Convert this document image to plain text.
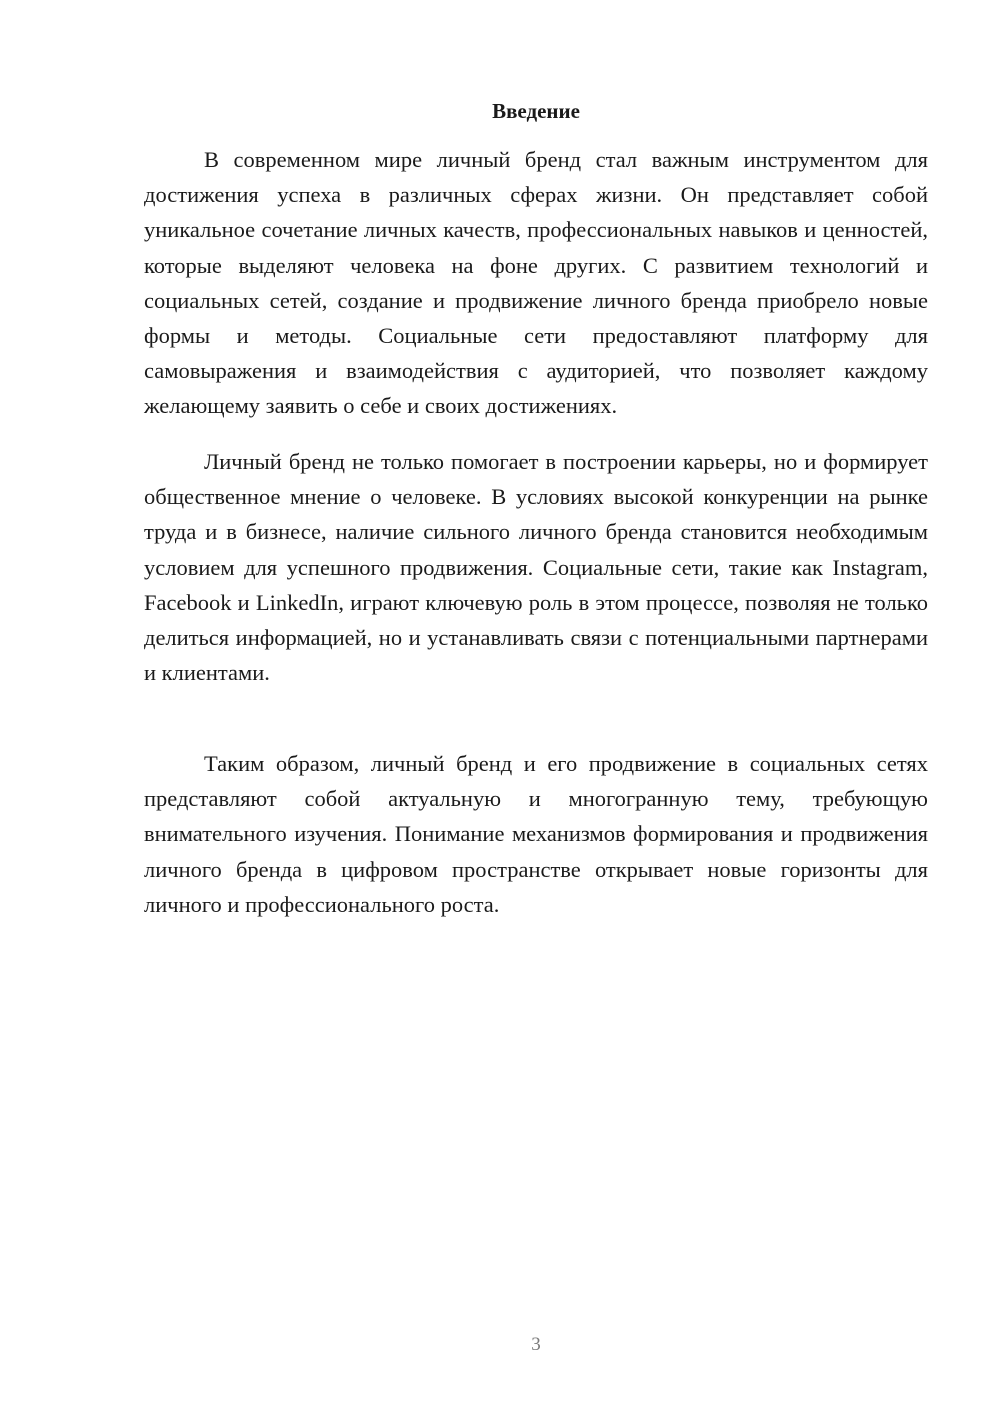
Введение

В современном мире личный бренд стал важным инструментом для достижения успеха в различных сферах жизни. Он представляет собой уникальное сочетание личных качеств, профессиональных навыков и ценностей, которые выделяют человека на фоне других. С развитием технологий и социальных сетей, создание и продвижение личного бренда приобрело новые формы и методы. Социальные сети предоставляют платформу для самовыражения и взаимодействия с аудиторией, что позволяет каждому желающему заявить о себе и своих достижениях.

Личный бренд не только помогает в построении карьеры, но и формирует общественное мнение о человеке. В условиях высокой конкуренции на рынке труда и в бизнесе, наличие сильного личного бренда становится необходимым условием для успешного продвижения. Социальные сети, такие как Instagram, Facebook и LinkedIn, играют ключевую роль в этом процессе, позволяя не только делиться информацией, но и устанавливать связи с потенциальными партнерами и клиентами.

Таким образом, личный бренд и его продвижение в социальных сетях представляют собой актуальную и многогранную тему, требующую внимательного изучения. Понимание механизмов формирования и продвижения личного бренда в цифровом пространстве открывает новые горизонты для личного и профессионального роста.

3
